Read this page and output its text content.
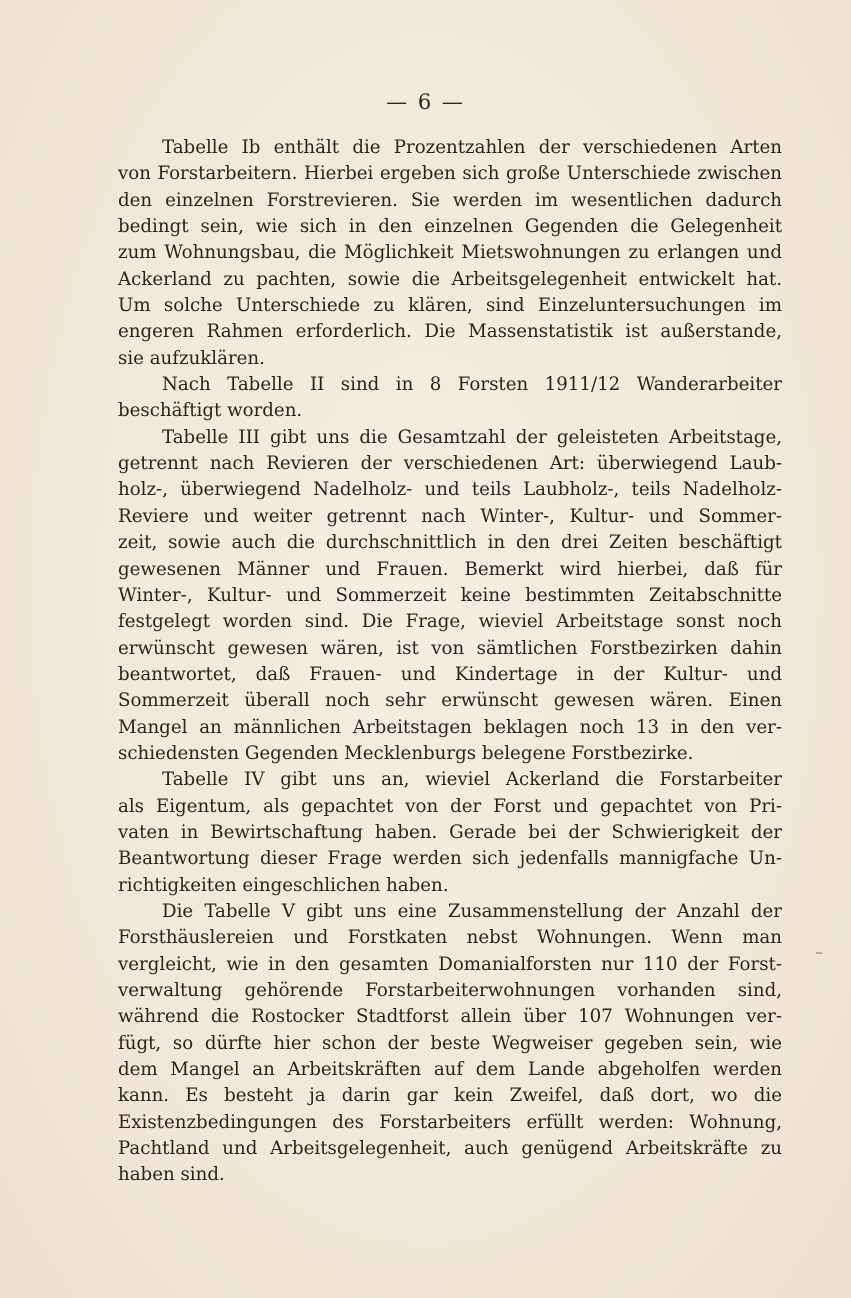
— 6 —
Tabelle Ib enthält die Prozentzahlen der verschiedenen Arten
von Forstarbeitern. Hierbei ergeben sich große Unterschiede zwischen
den einzelnen Forstrevieren. Sie werden im wesentlichen dadurch
bedingt sein, wie sich in den einzelnen Gegenden die Gelegenheit
zum Wohnungsbau, die Möglichkeit Mietswohnungen zu erlangen und
Ackerland zu pachten, sowie die Arbeitsgelegenheit entwickelt hat.
Um solche Unterschiede zu klären, sind Einzeluntersuchungen im
engeren Rahmen erforderlich. Die Massenstatistik ist außerstande,
sie aufzuklären.
Nach Tabelle II sind in 8 Forsten 1911/12 Wanderarbeiter
beschäftigt worden.
Tabelle III gibt uns die Gesamtzahl der geleisteten Arbeitstage,
getrennt nach Revieren der verschiedenen Art: überwiegend Laub-
holz-, überwiegend Nadelholz- und teils Laubholz-, teils Nadelholz-
Reviere und weiter getrennt nach Winter-, Kultur- und Sommer-
zeit, sowie auch die durchschnittlich in den drei Zeiten beschäftigt
gewesenen Männer und Frauen. Bemerkt wird hierbei, daß für
Winter-, Kultur- und Sommerzeit keine bestimmten Zeitabschnitte
festgelegt worden sind. Die Frage, wieviel Arbeitstage sonst noch
erwünscht gewesen wären, ist von sämtlichen Forstbezirken dahin
beantwortet, daß Frauen- und Kindertage in der Kultur- und
Sommerzeit überall noch sehr erwünscht gewesen wären. Einen
Mangel an männlichen Arbeitstagen beklagen noch 13 in den ver-
schiedensten Gegenden Mecklenburgs belegene Forstbezirke.
Tabelle IV gibt uns an, wieviel Ackerland die Forstarbeiter
als Eigentum, als gepachtet von der Forst und gepachtet von Pri-
vaten in Bewirtschaftung haben. Gerade bei der Schwierigkeit der
Beantwortung dieser Frage werden sich jedenfalls mannigfache Un-
richtigkeiten eingeschlichen haben.
Die Tabelle V gibt uns eine Zusammenstellung der Anzahl der
Forsthäuslereien und Forstkaten nebst Wohnungen. Wenn man
vergleicht, wie in den gesamten Domanialforsten nur 110 der Forst-
verwaltung gehörende Forstarbeiterwohnungen vorhanden sind,
während die Rostocker Stadtforst allein über 107 Wohnungen ver-
fügt, so dürfte hier schon der beste Wegweiser gegeben sein, wie
dem Mangel an Arbeitskräften auf dem Lande abgeholfen werden
kann. Es besteht ja darin gar kein Zweifel, daß dort, wo die
Existenzbedingungen des Forstarbeiters erfüllt werden: Wohnung,
Pachtland und Arbeitsgelegenheit, auch genügend Arbeitskräfte zu
haben sind.
